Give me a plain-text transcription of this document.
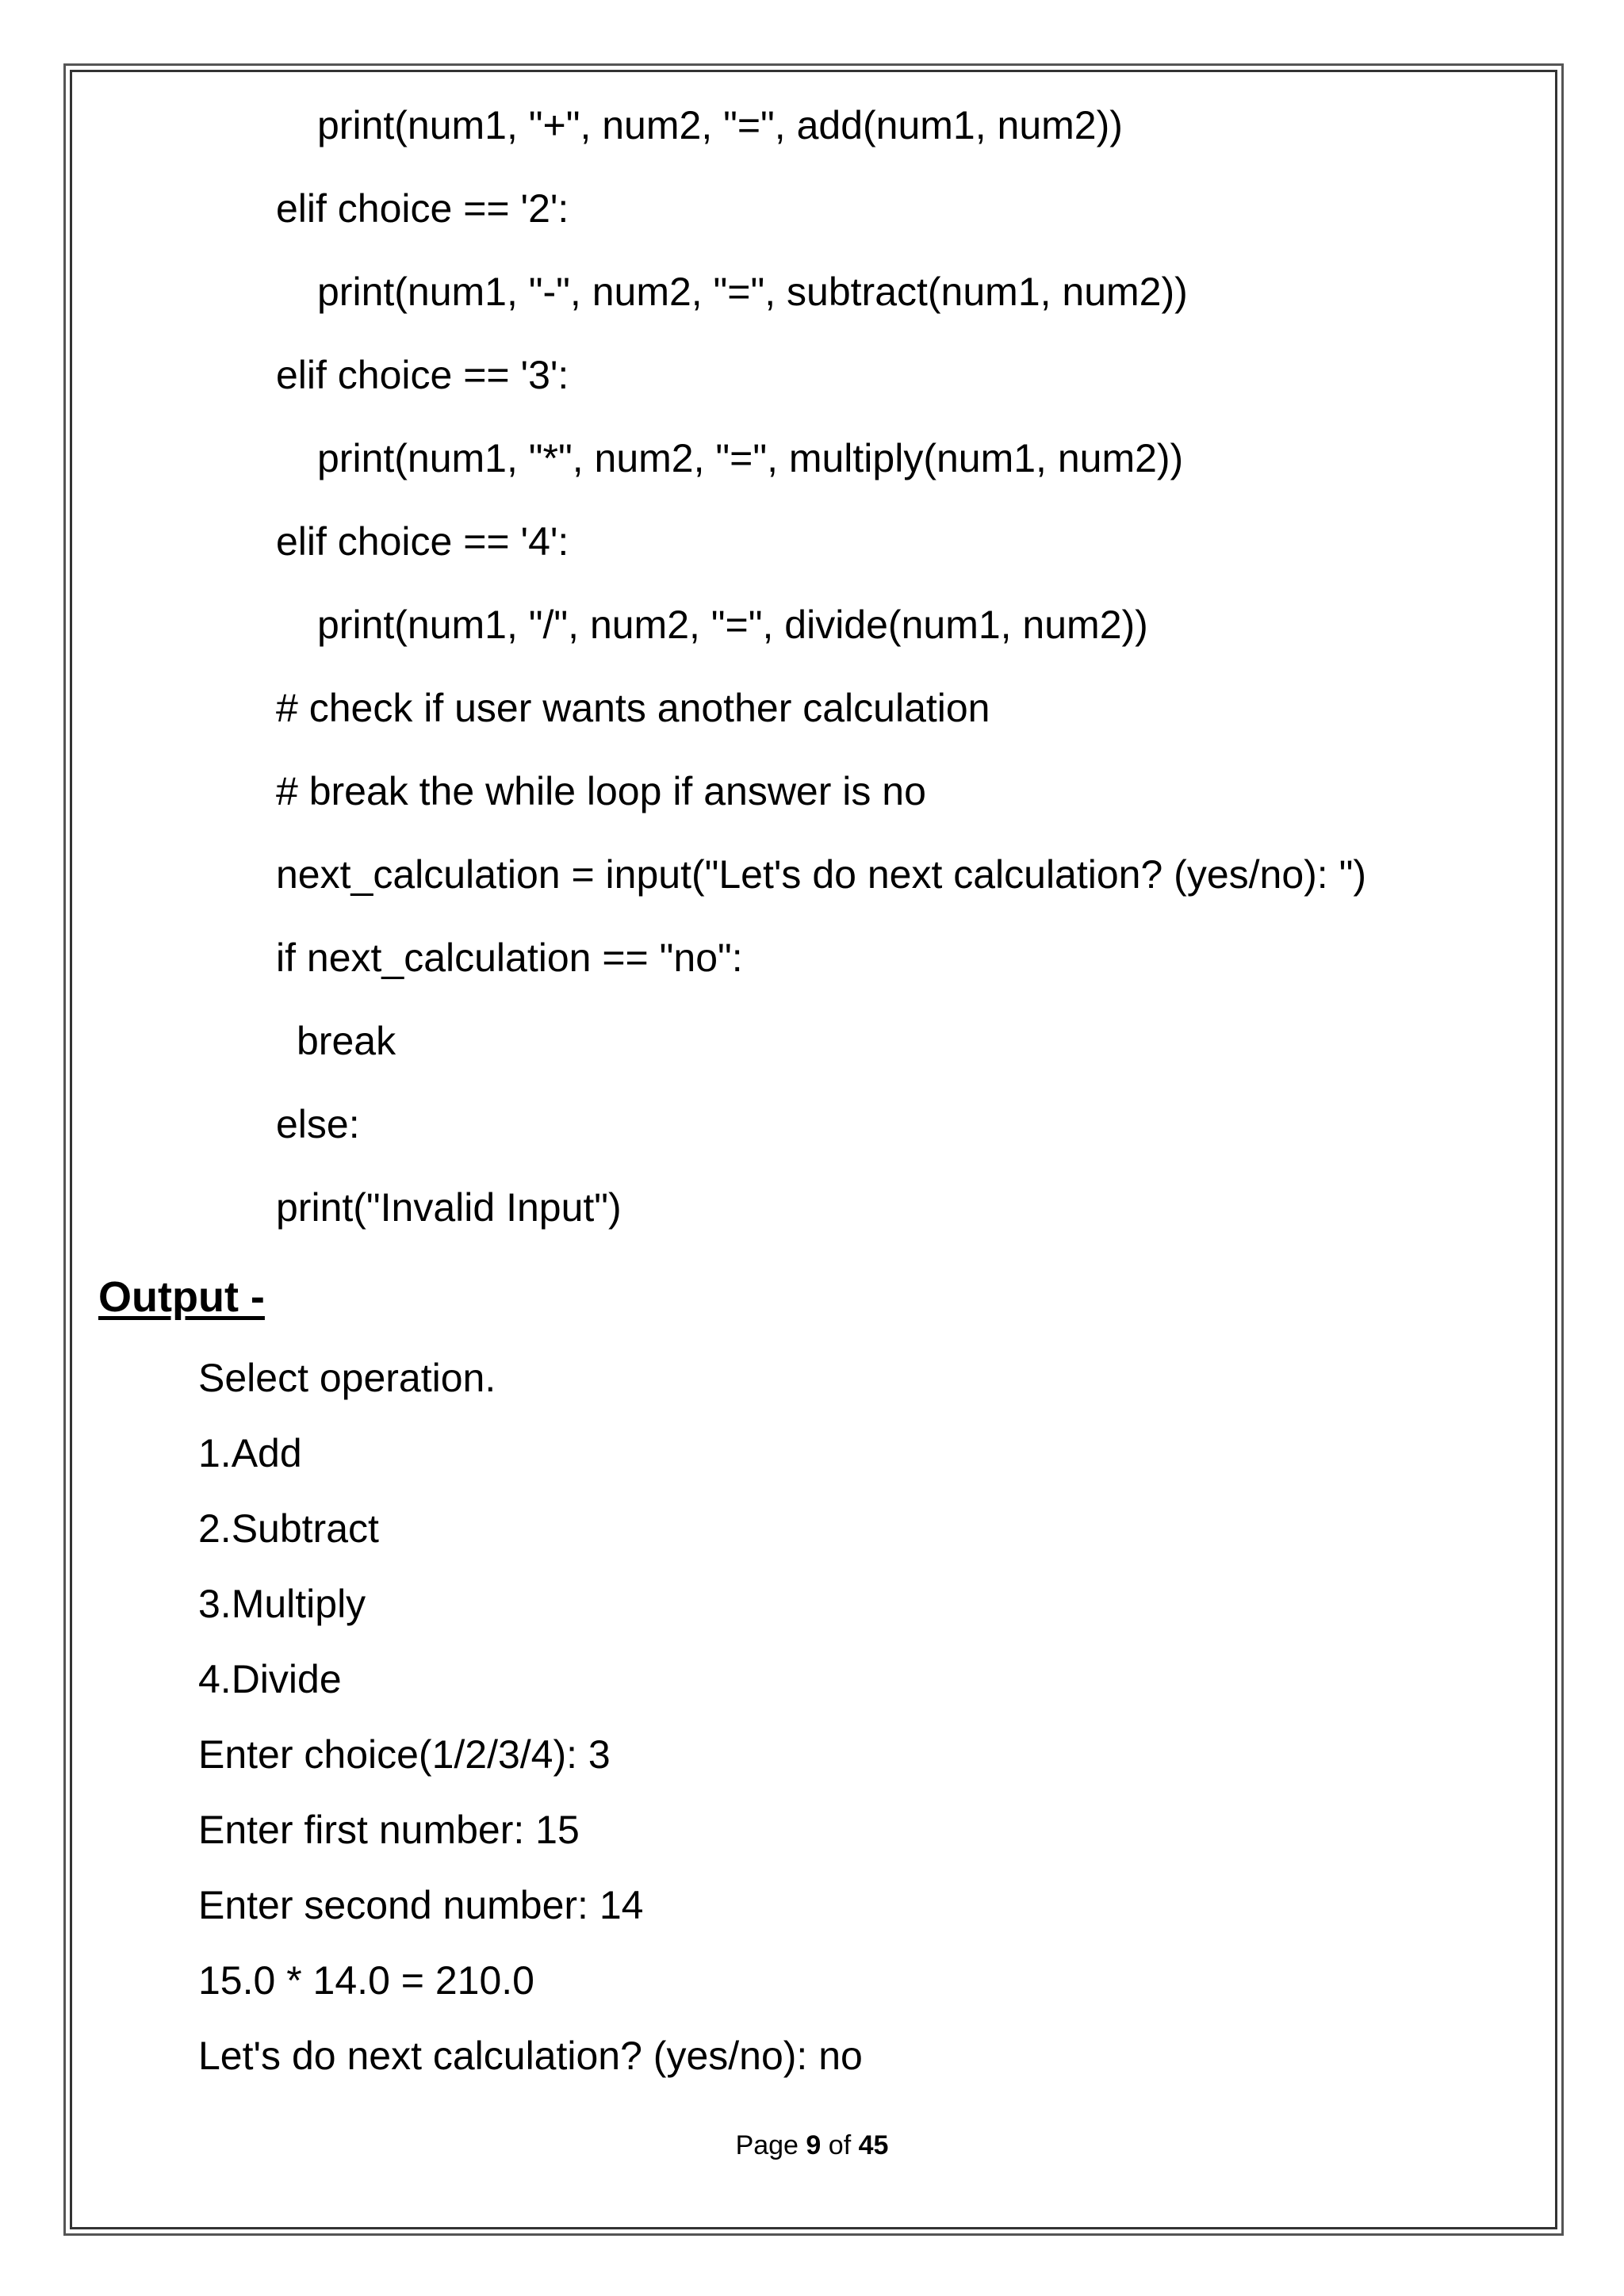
print(num1, "+", num2, "=", add(num1, num2))
elif choice == '2':
print(num1, "-", num2, "=", subtract(num1, num2))
elif choice == '3':
print(num1, "*", num2, "=", multiply(num1, num2))
elif choice == '4':
print(num1, "/", num2, "=", divide(num1, num2))
# check if user wants another calculation
# break the while loop if answer is no
next_calculation = input("Let's do next calculation? (yes/no): ")
if next_calculation == "no":
break
else:
print("Invalid Input")
Output -
Select operation.
1.Add
2.Subtract
3.Multiply
4.Divide
Enter choice(1/2/3/4): 3
Enter first number: 15
Enter second number: 14
15.0 * 14.0 = 210.0
Let's do next calculation? (yes/no): no
Page 9 of 45
